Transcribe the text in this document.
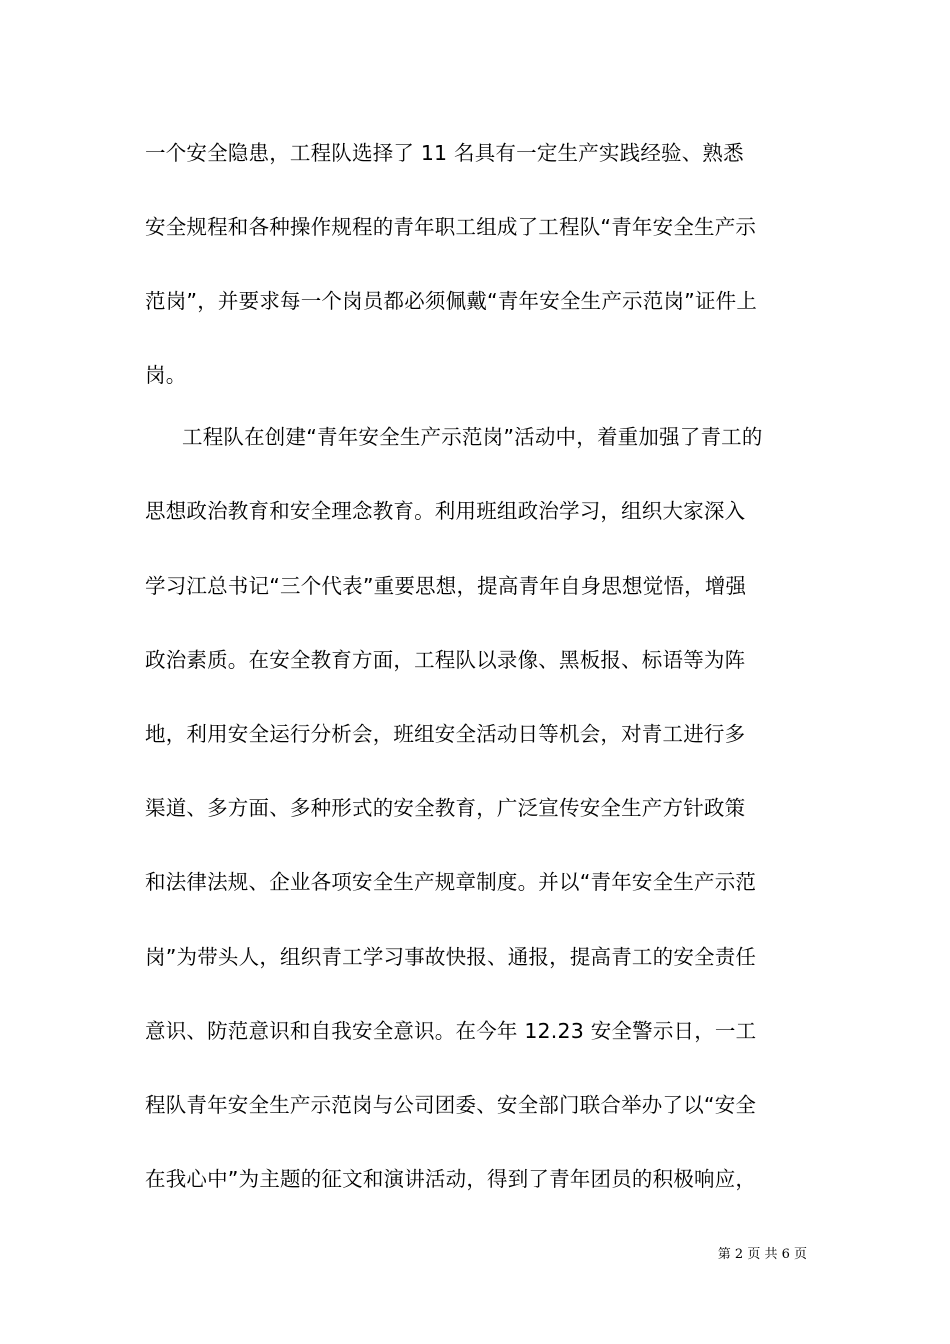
一个安全隐患，工程队选择了 11 名具有一定生产实践经验、熟悉
安全规程和各种操作规程的青年职工组成了工程队“青年安全生产示
范岗”，并要求每一个岗员都必须佩戴“青年安全生产示范岗”证件上
岗。
工程队在创建“青年安全生产示范岗”活动中，着重加强了青工的
思想政治教育和安全理念教育。利用班组政治学习，组织大家深入
学习江总书记“三个代表”重要思想，提高青年自身思想觉悟，增强
政治素质。在安全教育方面，工程队以录像、黑板报、标语等为阵
地，利用安全运行分析会，班组安全活动日等机会，对青工进行多
渠道、多方面、多种形式的安全教育，广泛宣传安全生产方针政策
和法律法规、企业各项安全生产规章制度。并以“青年安全生产示范
岗”为带头人，组织青工学习事故快报、通报，提高青工的安全责任
意识、防范意识和自我安全意识。在今年 12.23 安全警示日，一工
程队青年安全生产示范岗与公司团委、安全部门联合举办了以“安全
在我心中”为主题的征文和演讲活动，得到了青年团员的积极响应，
第 2 页 共 6 页
